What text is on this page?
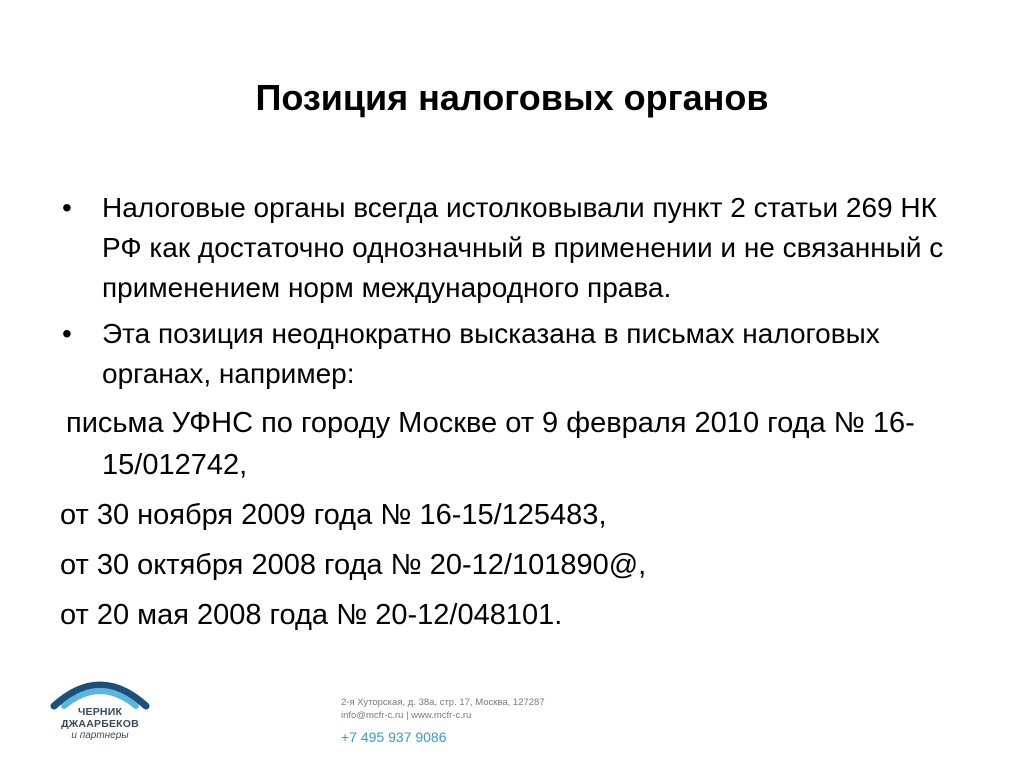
Позиция налоговых органов
• Налоговые органы всегда истолковывали пункт 2 статьи 269 НК РФ как достаточно однозначный в применении и не связанный с применением норм международного права.
• Эта позиция неоднократно высказана в письмах налоговых органах, например:
письма УФНС по городу Москве от 9 февраля 2010 года № 16-15/012742,
от 30 ноября 2009 года № 16-15/125483,
от 30 октября 2008 года № 20-12/101890@,
от 20 мая 2008 года № 20-12/048101.
ЧЕРНИК
ДЖААРБЕКОВ
и партнеры
2-я Хуторская, д. 38а, стр. 17, Москва, 127287
info@mcfr-c.ru | www.mcfr-c.ru
+7 495 937 9086
